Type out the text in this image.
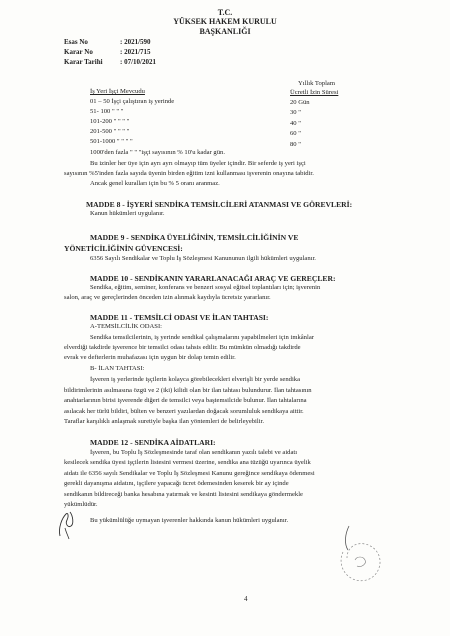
T.C.
YÜKSEK HAKEM KURULU
BAŞKANLIĞI
Esas No	: 2021/590
Karar No	: 2021/715
Karar Tarihi : 07/10/2021
Yıllık Toplam
Ücretli İzin Süresi
İş Yeri İşçi Mevcudu
01 – 50 İşçi çalıştıran iş yerinde	20 Gün
51- 100 " " "	30 "
101-200 " " " "	40 "
201-500 " " " "	60 "
501-1000 " " " "	80 "
1000'den fazla " " "işçi sayısının % 10'u kadar gün.
Bu izinler her üye için ayrı ayrı olmayıp tüm üyeler içindir. Bir seferde iş yeri işçi
sayısının %5'inden fazla sayıda üyenin birden eğitim izni kullanması işverenin onayına tabidir.
Ancak genel kuralları için bu % 5 oranı aranmaz.
MADDE 8 - İŞYERİ SENDİKA TEMSİLCİLERİ ATANMASI VE GÖREVLERİ:
Kanun hükümleri uygulanır.
MADDE 9 - SENDİKA ÜYELİĞİNİN, TEMSİLCİLİĞİNİN VE
YÖNETİCİLİĞİNİN GÜVENCESİ:
6356 Sayılı Sendikalar ve Toplu İş Sözleşmesi Kanununun ilgili hükümleri uygulanır.
MADDE 10 - SENDİKANIN YARARLANACAĞI ARAÇ VE GEREÇLER:
Sendika, eğitim, seminer, konferans ve benzeri sosyal eğitsel toplantıları için; işverenin
salon, araç ve gereçlerinden önceden izin alınmak kaydıyla ücretsiz yararlanır.
MADDE 11 - TEMSİLCİ ODASI VE İLAN TAHTASI:
A-TEMSİLCİLİK ODASI:
Sendika temsilcilerinin, iş yerinde sendikal çalışmalarını yapabilmeleri için imkânlar
elverdiği takdirde işverence bir temsilci odası tahsis edilir. Bu mümkün olmadığı takdirde
evrak ve defterlerin muhafazası için uygun bir dolap temin edilir.
B- İLAN TAHTASI:
İşveren iş yerlerinde işçilerin kolayca görebilecekleri elverişli bir yerde sendika
bildirimlerinin asılmasına özgü ve 2 (iki) kilidi olan bir ilan tahtası bulundurur. İlan tahtasının
anahtarlarının birisi işverende diğeri de temsilci veya baştemsilcide bulunur. İlan tahtalarına
asılacak her türlü bildiri, bülten ve benzeri yazılardan doğacak sorumluluk sendikaya aittir.
Taraflar karşılıklı anlaşmak suretiyle başka ilan yöntemleri de belirleyebilir.
MADDE 12 - SENDİKA AİDATLARI:
İşveren, bu Toplu İş Sözleşmesinde taraf olan sendikanın yazılı talebi ve aidatı
kesilecek sendika üyesi işçilerin listesini vermesi üzerine, sendika ana tüzüğü uyarınca üyelik
aidatı ile 6356 sayılı Sendikalar ve Toplu İş Sözleşmesi Kanunu gereğince sendikaya ödenmesi
gerekli dayanışma aidatını, işçilere yapacağı ücret ödemesinden keserek bir ay içinde
sendikanın bildireceği banka hesabına yatırmak ve kesinti listesini sendikaya göndermekle
yükümlüdür.
Bu yükümlülüğe uymayan işverenler hakkında kanun hükümleri uygulanır.
4
